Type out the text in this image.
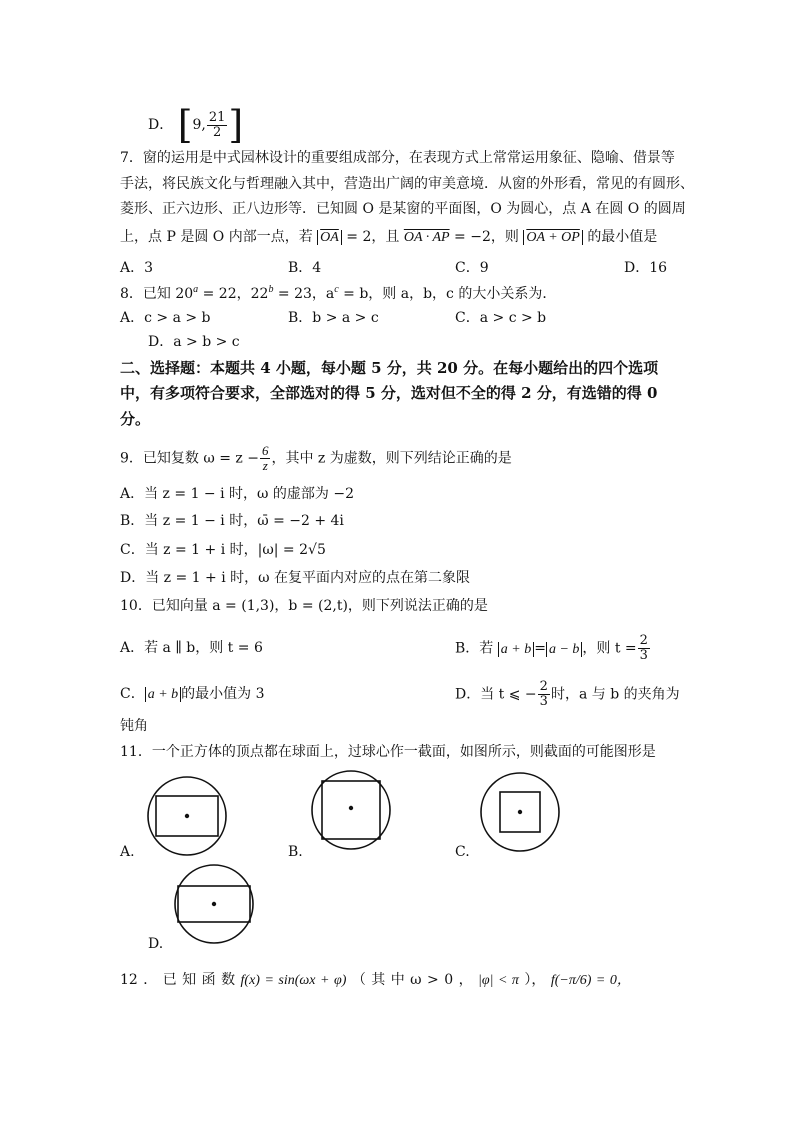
D． [9, $\frac{21}{2}$ ]
7．窗的运用是中式园林设计的重要组成部分，在表现方式上常常运用象征、隐喻、借景等
手法，将民族文化与哲理融入其中，营造出广阔的审美意境．从窗的外形看，常见的有圆形、
菱形、正六边形、正八边形等．已知圆 O 是某窗的平面图，O 为圆心，点 A 在圆 O 的圆周
上，点 P 是圆 O 内部一点，若 $\overline{OA} = 2$，且 OA · AP = −2，则 OA + OP 的最小值是
A．3	B．4	C．9	D．16
8．已知 $20^a = 22$，$22^b = 23$，$a^c = b$，则 a，b，c 的大小关系为．
A．c > a > b	B．b > a > c	C．a > c > b
D．a > b > c
二、选择题：本题共 4 小题，每小题 5 分，共 20 分。在每小题给出的四个选项
中，有多项符合要求，全部选对的得 5 分，选对但不全的得 2 分，有选错的得 0
分。
9．已知复数 $\omega = z - \frac{6}{z}$ ，其中 z 为虚数，则下列结论正确的是
A．当 z = 1 − i 时，ω 的虚部为 −2
B．当 z = 1 − i 时，ω̄ = −2 + 4i
C．当 z = 1 + i 时，|ω| = 2√5
D．当 z = 1 + i 时，ω 在复平面内对应的点在第二象限
10．已知向量 a = (1,3)，b = (2,t)，则下列说法正确的是
A．若 a ∥ b，则 t = 6	B．若 a + b = a − b ，则 $t = \frac{2}{3}$
C． a + b 的最小值为 3	D．当 t ⩽ − $\frac{2}{3}$ 时，a 与 b 的夹角为
钝角
11．一个正方体的顶点都在球面上，过球心作一截面，如图所示，则截面的可能图形是
A.	B.	C.
D.
12 ． 已 知 函 数 f(x) = sin(ωx + φ) （ 其 中 ω > 0 ， |φ| < π ）， f(−π/6) = 0，
